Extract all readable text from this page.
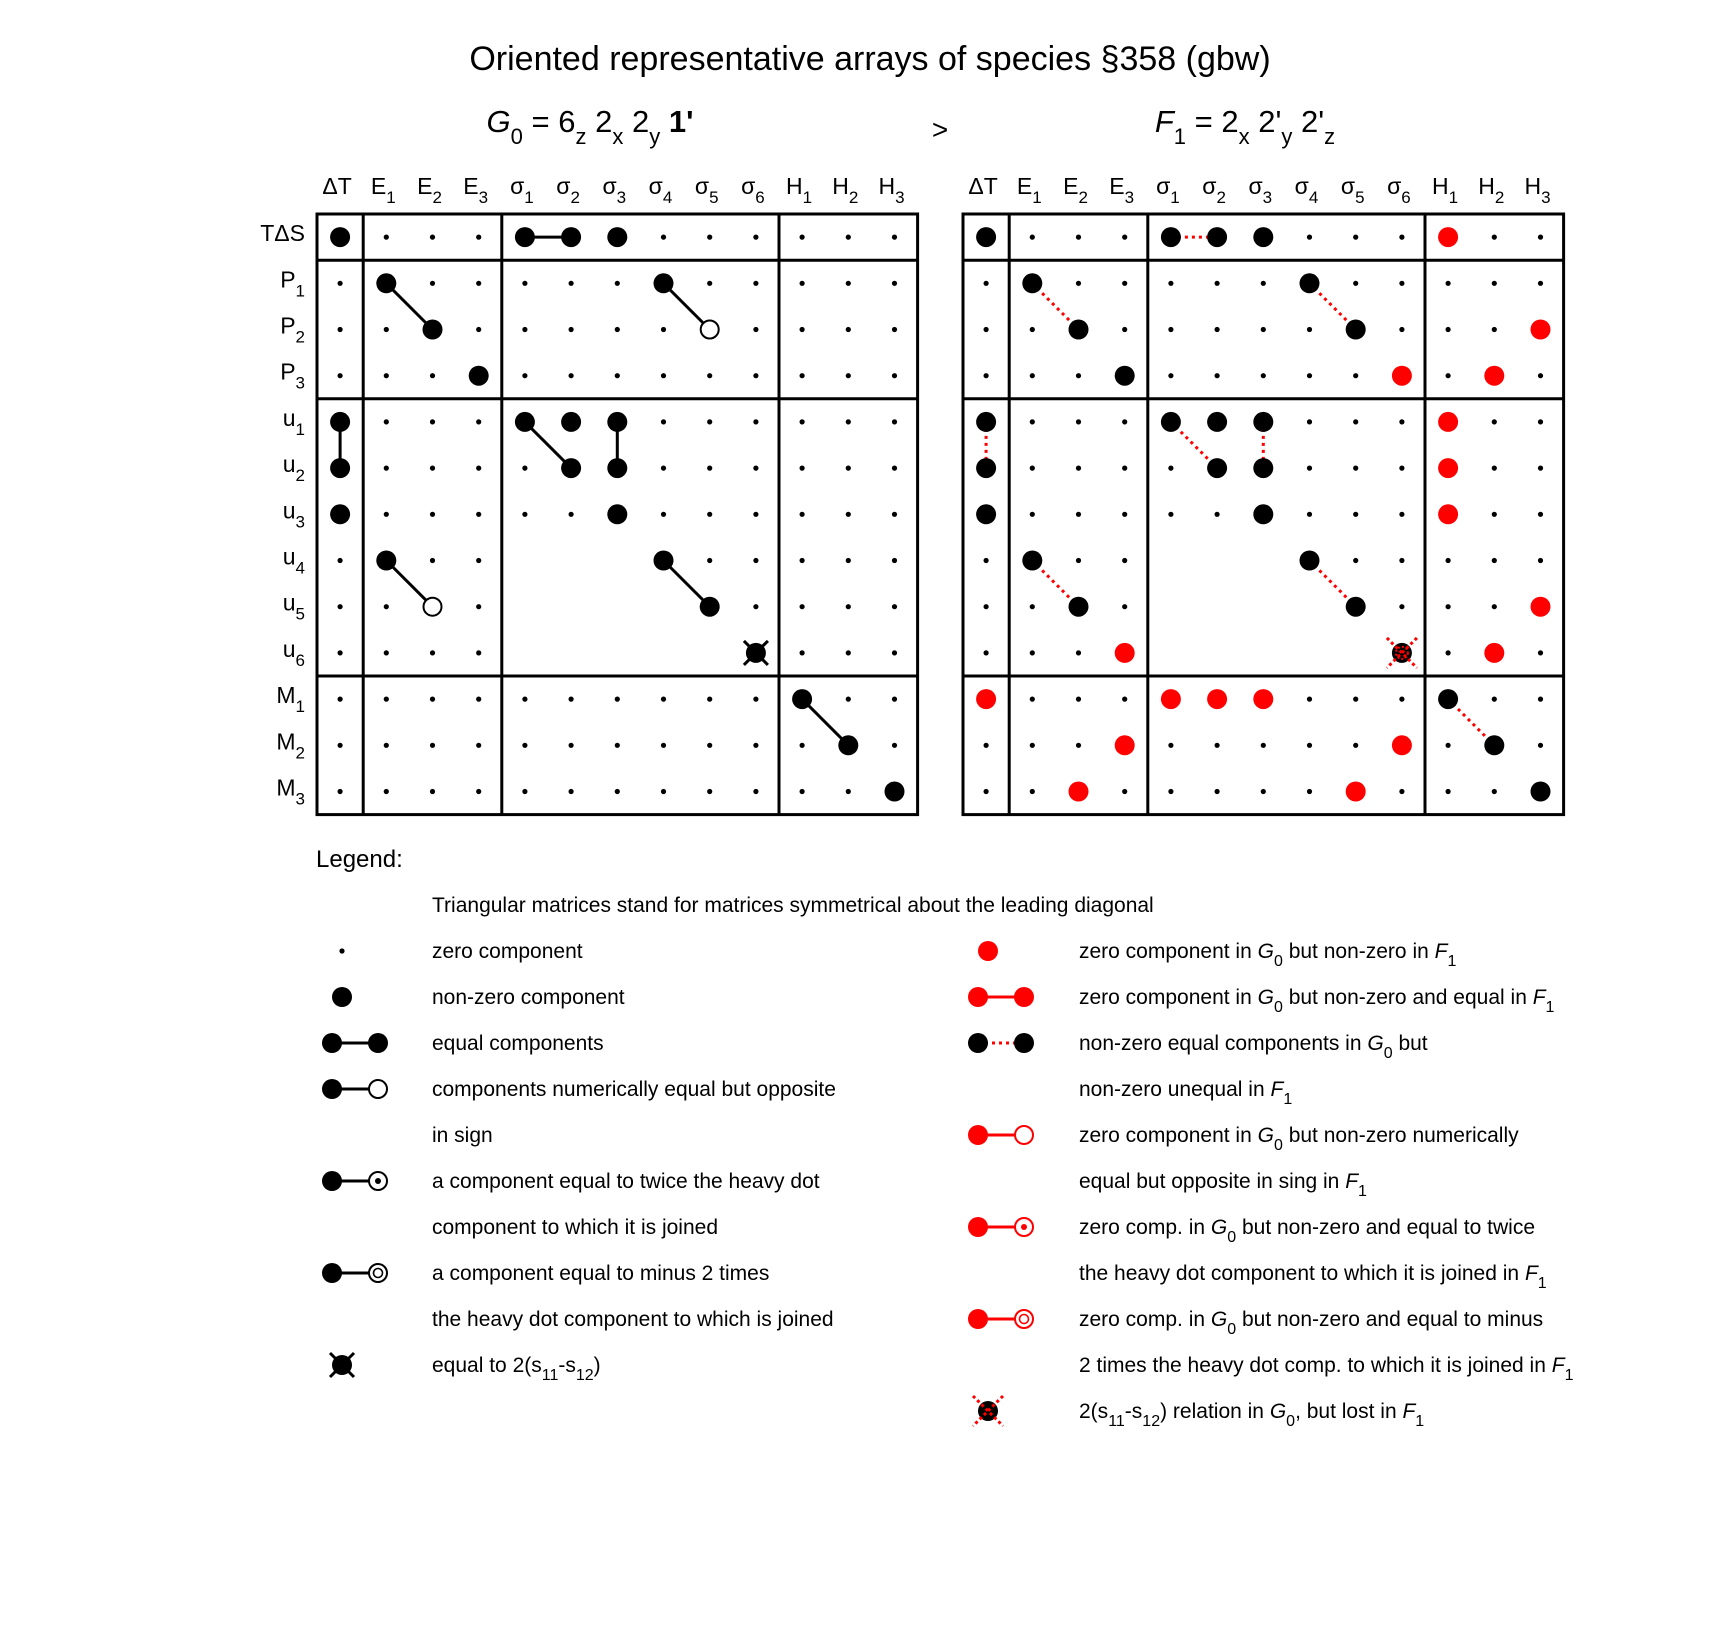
Oriented representative arrays of species §358 (gbw)
>
ΔT $E_1$ $E_2$ $E_3$ $\sigma_1$ $\sigma_2$ $\sigma_3$ $\sigma_4$ $\sigma_5$ $\sigma_6$ $H_1$ $H_2$ $H_3$
TΔS
$P_1$
$P_2$
$P_3$
$u_1$
$u_2$
$u_3$
$u_4$
$u_5$
$u_6$
$M_1$
$M_2$
$M_3$
ΔT $E_1$ $E_2$ $E_3$ $\sigma_1$ $\sigma_2$ $\sigma_3$ $\sigma_4$ $\sigma_5$ $\sigma_6$ $H_1$ $H_2$ $H_3$
$G_0 = 6_z$ $2_x$ $2_y$ 1'	$F_1 = 2_x$ $2'_y$ $2'_z$
Legend:
Triangular matrices stand for matrices symmetrical about the leading diagonal
zero component
non-zero component
equal components
components numerically equal but opposite
in sign
a component equal to twice the heavy dot
component to which it is joined
a component equal to minus 2 times
the heavy dot component to which is joined
equal to $2(s_{11}-s_{12})$
zero component in $G_0$ but non-zero in $F_1$
zero component in $G_0$ but non-zero and equal in $F_1$
non-zero equal components in $G_0$ but
non-zero unequal in $F_1$
zero component in $G_0$ but non-zero numerically
equal but opposite in sing in $F_1$
zero comp. in $G_0$ but non-zero and equal to twice
the heavy dot component to which it is joined in $F_1$
zero comp. in $G_0$ but non-zero and equal to minus
2 times the heavy dot comp. to which it is joined in $F_1$
$2(s_{11}-s_{12})$ relation in $G_0$, but lost in $F_1$
